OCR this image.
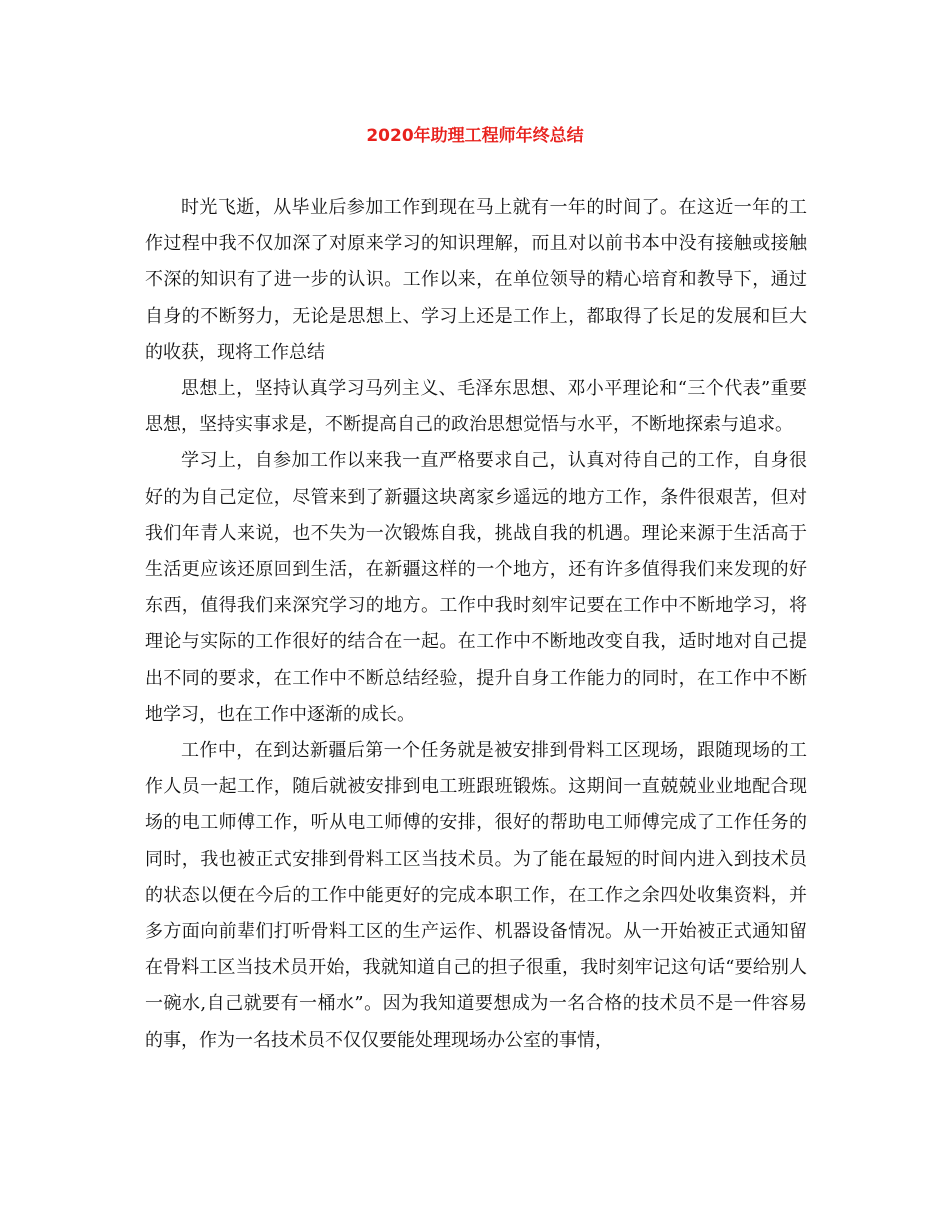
2020年助理工程师年终总结

时光飞逝，从毕业后参加工作到现在马上就有一年的时间了。在这近一年的工作过程中我不仅加深了对原来学习的知识理解，而且对以前书本中没有接触或接触不深的知识有了进一步的认识。工作以来，在单位领导的精心培育和教导下，通过自身的不断努力，无论是思想上、学习上还是工作上，都取得了长足的发展和巨大的收获，现将工作总结

思想上，坚持认真学习马列主义、毛泽东思想、邓小平理论和“三个代表”重要思想，坚持实事求是，不断提高自己的政治思想觉悟与水平，不断地探索与追求。

学习上，自参加工作以来我一直严格要求自己，认真对待自己的工作，自身很好的为自己定位，尽管来到了新疆这块离家乡遥远的地方工作，条件很艰苦，但对我们年青人来说，也不失为一次锻炼自我，挑战自我的机遇。理论来源于生活高于生活更应该还原回到生活，在新疆这样的一个地方，还有许多值得我们来发现的好东西，值得我们来深究学习的地方。工作中我时刻牢记要在工作中不断地学习，将理论与实际的工作很好的结合在一起。在工作中不断地改变自我，适时地对自己提出不同的要求，在工作中不断总结经验，提升自身工作能力的同时，在工作中不断地学习，也在工作中逐渐的成长。

工作中，在到达新疆后第一个任务就是被安排到骨料工区现场，跟随现场的工作人员一起工作，随后就被安排到电工班跟班锻炼。这期间一直兢兢业业地配合现场的电工师傅工作，听从电工师傅的安排，很好的帮助电工师傅完成了工作任务的同时，我也被正式安排到骨料工区当技术员。为了能在最短的时间内进入到技术员的状态以便在今后的工作中能更好的完成本职工作，在工作之余四处收集资料，并多方面向前辈们打听骨料工区的生产运作、机器设备情况。从一开始被正式通知留在骨料工区当技术员开始，我就知道自己的担子很重，我时刻牢记这句话“要给别人一碗水,自己就要有一桶水”。因为我知道要想成为一名合格的技术员不是一件容易的事，作为一名技术员不仅仅要能处理现场办公室的事情，
